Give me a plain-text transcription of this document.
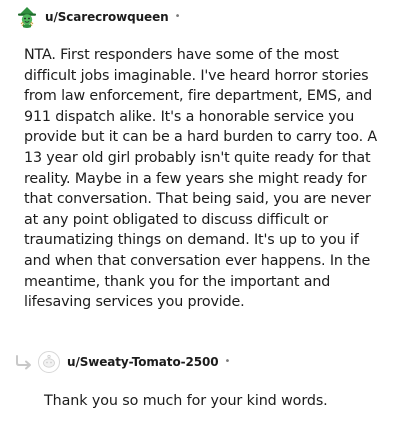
u/Scarecrowqueen •

NTA. First responders have some of the most difficult jobs imaginable. I've heard horror stories from law enforcement, fire department, EMS, and 911 dispatch alike. It's a honorable service you provide but it can be a hard burden to carry too. A 13 year old girl probably isn't quite ready for that reality. Maybe in a few years she might ready for that conversation. That being said, you are never at any point obligated to discuss difficult or traumatizing things on demand. It's up to you if and when that conversation ever happens. In the meantime, thank you for the important and lifesaving services you provide.

u/Sweaty-Tomato-2500 •

Thank you so much for your kind words.
